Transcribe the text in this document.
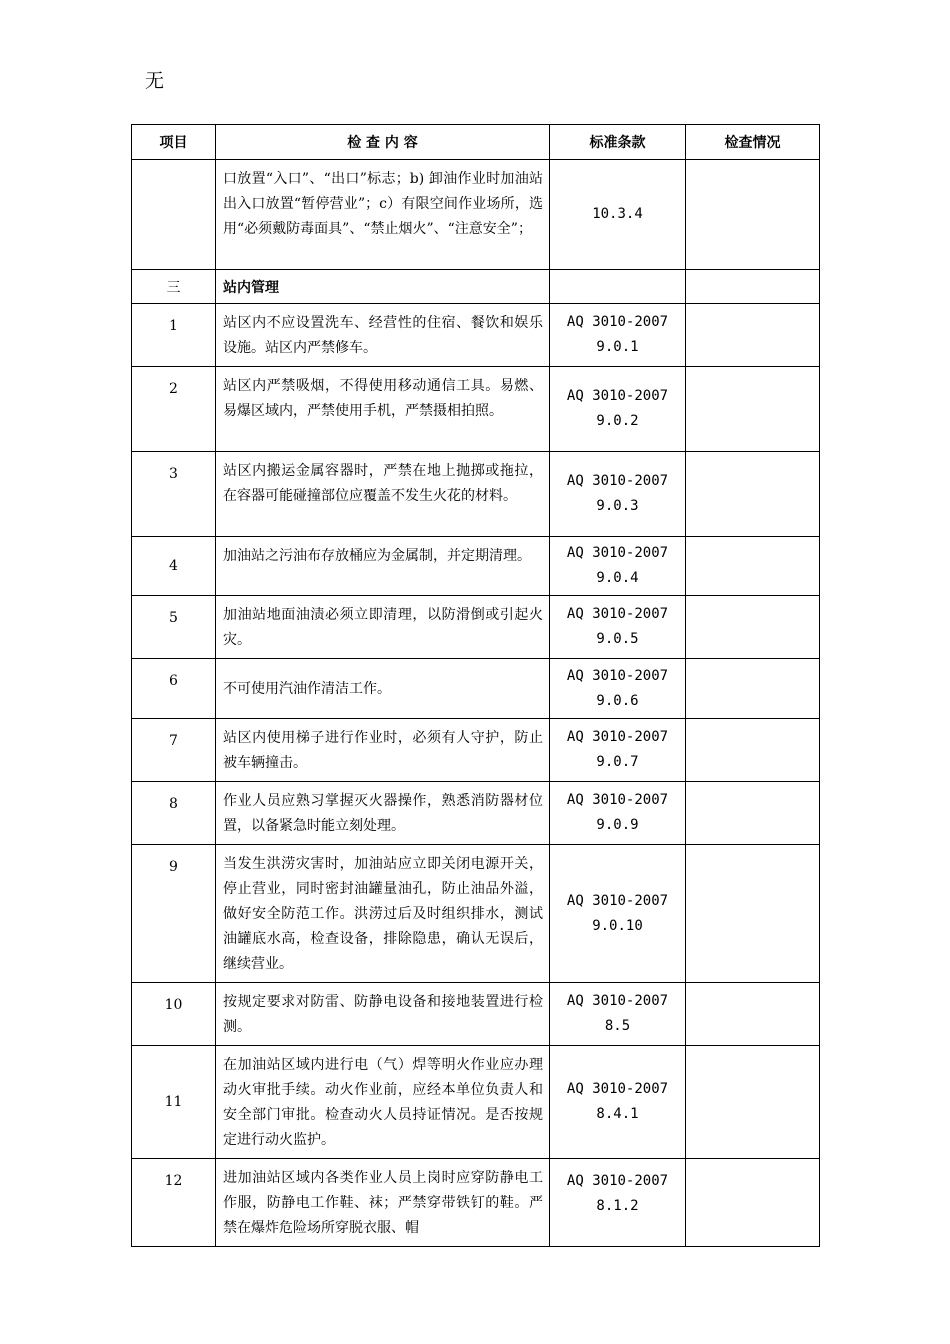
无
项目	检 查 内 容	标准条款	检查情况
	口放置“入口”、“出口”标志；b) 卸油作业时加油站出入口放置“暂停营业”；c）有限空间作业场所，选用“必须戴防毒面具”、“禁止烟火”、“注意安全”；	10.3.4	

三	站内管理		
1	站区内不应设置洗车、经营性的住宿、餐饮和娱乐设施。站区内严禁修车。	AQ 3010-2007
9.0.1	

2	站区内严禁吸烟，不得使用移动通信工具。易燃、易爆区域内，严禁使用手机，严禁摄相拍照。	AQ 3010-2007
9.0.2	

3	站区内搬运金属容器时，严禁在地上抛掷或拖拉，在容器可能碰撞部位应覆盖不发生火花的材料。	AQ 3010-2007
9.0.3	

4	加油站之污油布存放桶应为金属制，并定期清理。	AQ 3010-2007
9.0.4	

5	加油站地面油渍必须立即清理，以防滑倒或引起火灾。	AQ 3010-2007
9.0.5	

6	不可使用汽油作清洁工作。	AQ 3010-2007
9.0.6	

7	站区内使用梯子进行作业时，必须有人守护，防止被车辆撞击。	AQ 3010-2007
9.0.7	

8	作业人员应熟习掌握灭火器操作，熟悉消防器材位置，以备紧急时能立刻处理。	AQ 3010-2007
9.0.9	

9	当发生洪涝灾害时，加油站应立即关闭电源开关，停止营业，同时密封油罐量油孔，防止油品外溢，做好安全防范工作。洪涝过后及时组织排水，测试油罐底水高，检查设备，排除隐患，确认无误后，继续营业。	AQ 3010-2007
9.0.10	

10	按规定要求对防雷、防静电设备和接地装置进行检测。	AQ 3010-2007
8.5	

11	在加油站区域内进行电（气）焊等明火作业应办理动火审批手续。动火作业前，应经本单位负责人和安全部门审批。检查动火人员持证情况。是否按规定进行动火监护。	AQ 3010-2007
8.4.1	

12	进加油站区域内各类作业人员上岗时应穿防静电工作服，防静电工作鞋、袜；严禁穿带铁钉的鞋。严禁在爆炸危险场所穿脱衣服、帽	AQ 3010-2007
8.1.2	
